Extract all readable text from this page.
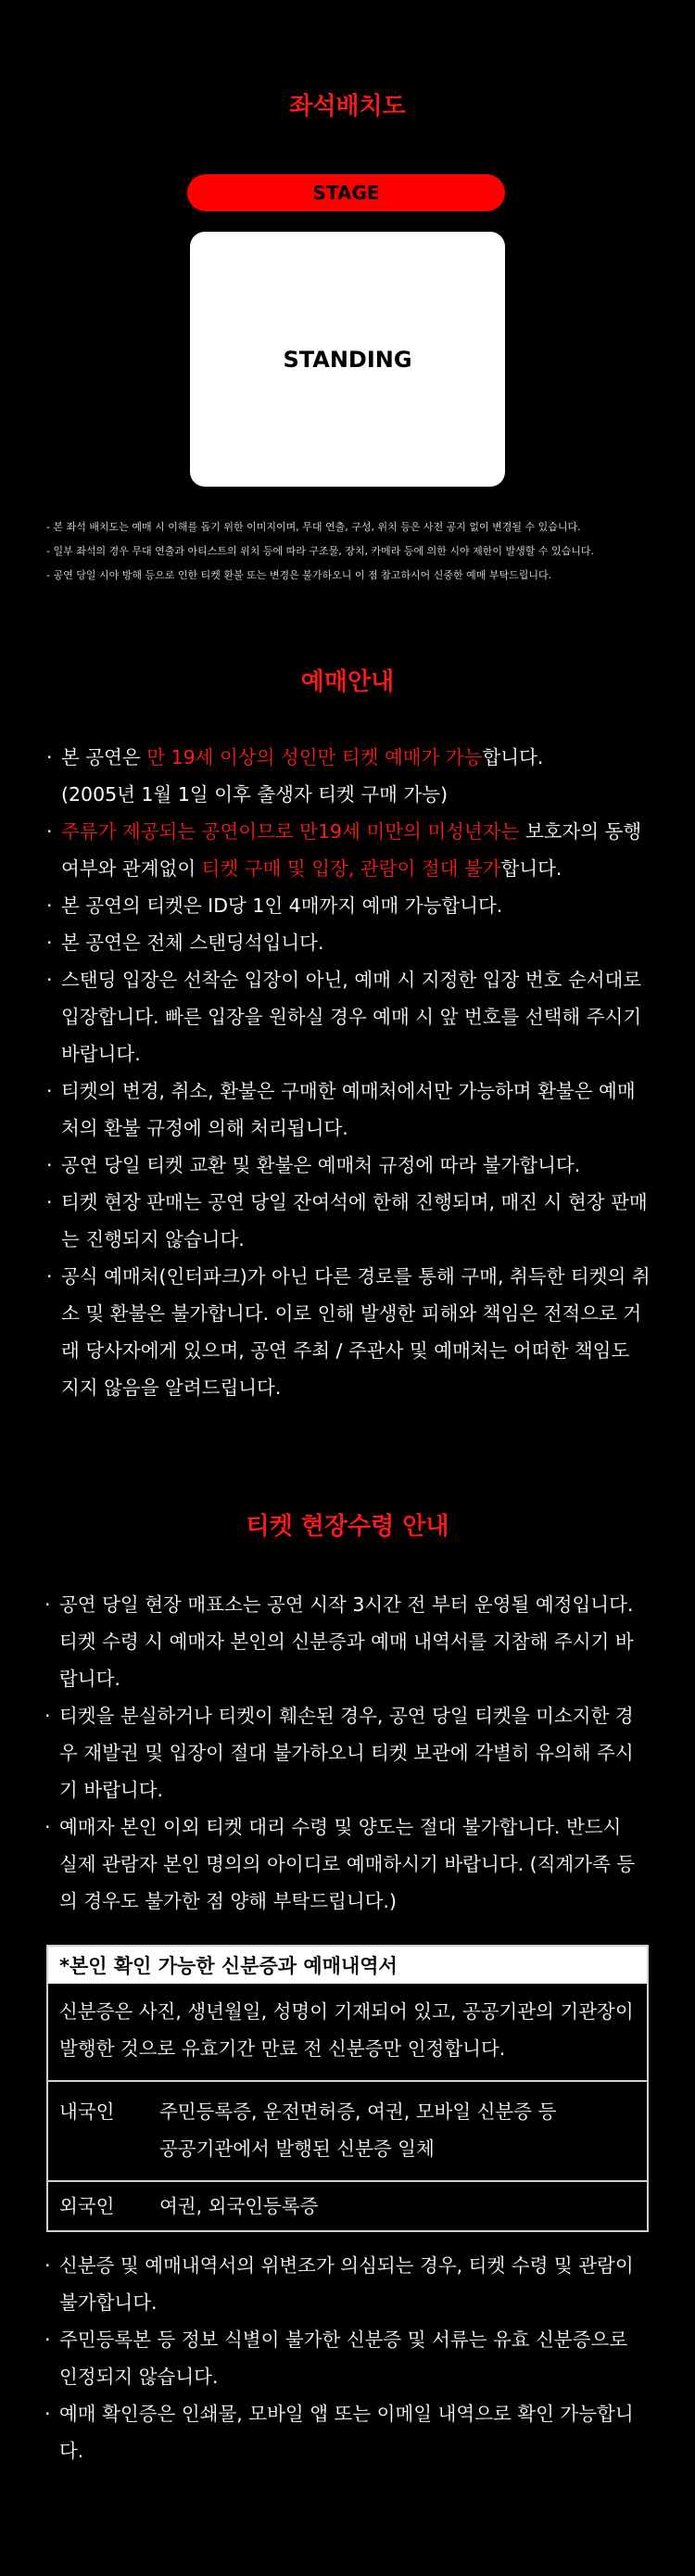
좌석배치도
STAGE
STANDING
- 본 좌석 배치도는 예매 시 이해를 돕기 위한 이미지이며, 무대 연출, 구성, 위치 등은 사전 공지 없이 변경될 수 있습니다.
- 일부 좌석의 경우 무대 연출과 아티스트의 위치 등에 따라 구조물, 장치, 카메라 등에 의한 시야 제한이 발생할 수 있습니다.
- 공연 당일 시야 방해 등으로 인한 티켓 환불 또는 변경은 불가하오니 이 점 참고하시어 신중한 예매 부탁드립니다.
예매안내
· 본 공연은 만 19세 이상의 성인만 티켓 예매가 가능합니다.
(2005년 1월 1일 이후 출생자 티켓 구매 가능)
· 주류가 제공되는 공연이므로 만19세 미만의 미성년자는 보호자의 동행여부와 관계없이 티켓 구매 및 입장, 관람이 절대 불가합니다.
· 본 공연의 티켓은 ID당 1인 4매까지 예매 가능합니다.
· 본 공연은 전체 스탠딩석입니다.
· 스탠딩 입장은 선착순 입장이 아닌, 예매 시 지정한 입장 번호 순서대로 입장합니다. 빠른 입장을 원하실 경우 예매 시 앞 번호를 선택해 주시기 바랍니다.
· 티켓의 변경, 취소, 환불은 구매한 예매처에서만 가능하며 환불은 예매처의 환불 규정에 의해 처리됩니다.
· 공연 당일 티켓 교환 및 환불은 예매처 규정에 따라 불가합니다.
· 티켓 현장 판매는 공연 당일 잔여석에 한해 진행되며, 매진 시 현장 판매는 진행되지 않습니다.
· 공식 예매처(인터파크)가 아닌 다른 경로를 통해 구매, 취득한 티켓의 취소 및 환불은 불가합니다. 이로 인해 발생한 피해와 책임은 전적으로 거래 당사자에게 있으며, 공연 주최 / 주관사 및 예매처는 어떠한 책임도 지지 않음을 알려드립니다.
티켓 현장수령 안내
· 공연 당일 현장 매표소는 공연 시작 3시간 전 부터 운영될 예정입니다. 티켓 수령 시 예매자 본인의 신분증과 예매 내역서를 지참해 주시기 바랍니다.
· 티켓을 분실하거나 티켓이 훼손된 경우, 공연 당일 티켓을 미소지한 경우 재발권 및 입장이 절대 불가하오니 티켓 보관에 각별히 유의해 주시기 바랍니다.
· 예매자 본인 이외 티켓 대리 수령 및 양도는 절대 불가합니다. 반드시 실제 관람자 본인 명의의 아이디로 예매하시기 바랍니다. (직계가족 등의 경우도 불가한 점 양해 부탁드립니다.)
*본인 확인 가능한 신분증과 예매내역서
신분증은 사진, 생년월일, 성명이 기재되어 있고, 공공기관의 기관장이 발행한 것으로 유효기간 만료 전 신분증만 인정합니다.
내국인	주민등록증, 운전면허증, 여권, 모바일 신분증 등
공공기관에서 발행된 신분증 일체
외국인	여권, 외국인등록증
· 신분증 및 예매내역서의 위변조가 의심되는 경우, 티켓 수령 및 관람이 불가합니다.
· 주민등록본 등 정보 식별이 불가한 신분증 및 서류는 유효 신분증으로 인정되지 않습니다.
· 예매 확인증은 인쇄물, 모바일 앱 또는 이메일 내역으로 확인 가능합니다.
